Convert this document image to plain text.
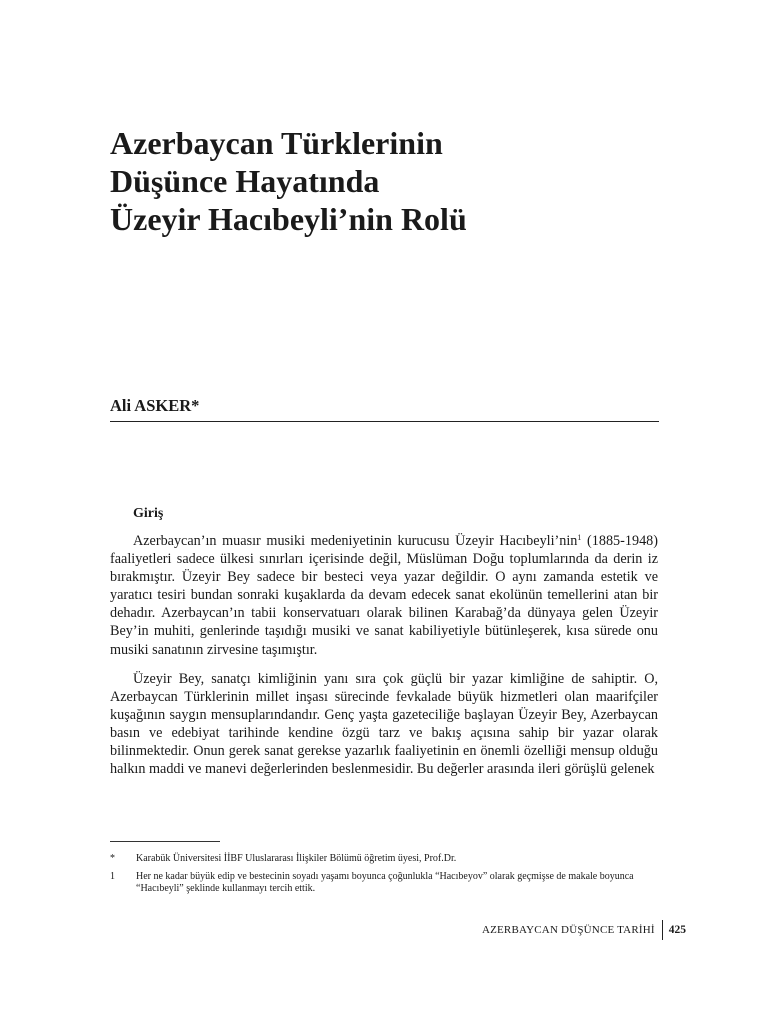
Azerbaycan Türklerinin
Düşünce Hayatında
Üzeyir Hacıbeyli’nin Rolü
Ali ASKER*
Giriş

Azerbaycan’ın muasır musiki medeniyetinin kurucusu Üzeyir Hacıbeyli’nin$^1$ (1885-1948) faaliyetleri sadece ülkesi sınırları içerisinde değil, Müslüman Doğu toplumlarında da derin iz bırakmıştır. Üzeyir Bey sadece bir besteci veya yazar değildir. O aynı zamanda estetik ve yaratıcı tesiri bundan sonraki kuşaklarda da devam edecek sanat ekolünün temellerini atan bir dehadır. Azerbaycan’ın tabii konservatuarı olarak bilinen Karabağ’da dünyaya gelen Üzeyir Bey’in muhiti, genlerinde taşıdığı musiki ve sanat kabiliyetiyle bütünleşerek, kısa sürede onu musiki sanatının zirvesine taşımıştır.

Üzeyir Bey, sanatçı kimliğinin yanı sıra çok güçlü bir yazar kimliğine de sahiptir. O, Azerbaycan Türklerinin millet inşası sürecinde fevkalade büyük hizmetleri olan maarifçiler kuşağının saygın mensuplarındandır. Genç yaşta gazeteciliğe başlayan Üzeyir Bey, Azerbaycan basın ve edebiyat tarihinde kendine özgü tarz ve bakış açısına sahip bir yazar olarak bilinmektedir. Onun gerek sanat gerekse yazarlık faaliyetinin en önemli özelliği mensup olduğu halkın maddi ve manevi değerlerinden beslenmesidir. Bu değerler arasında ileri görüşlü gelenek

*	Karabük Üniversitesi İİBF Uluslararası İlişkiler Bölümü öğretim üyesi, Prof.Dr.
1	Her ne kadar büyük edip ve bestecinin soyadı yaşamı boyunca çoğunlukla “Hacıbeyov” olarak geçmişse de makale boyunca “Hacıbeyli” şeklinde kullanmayı tercih ettik.
AZERBAYCAN DÜŞÜNCE TARİHİ 425
